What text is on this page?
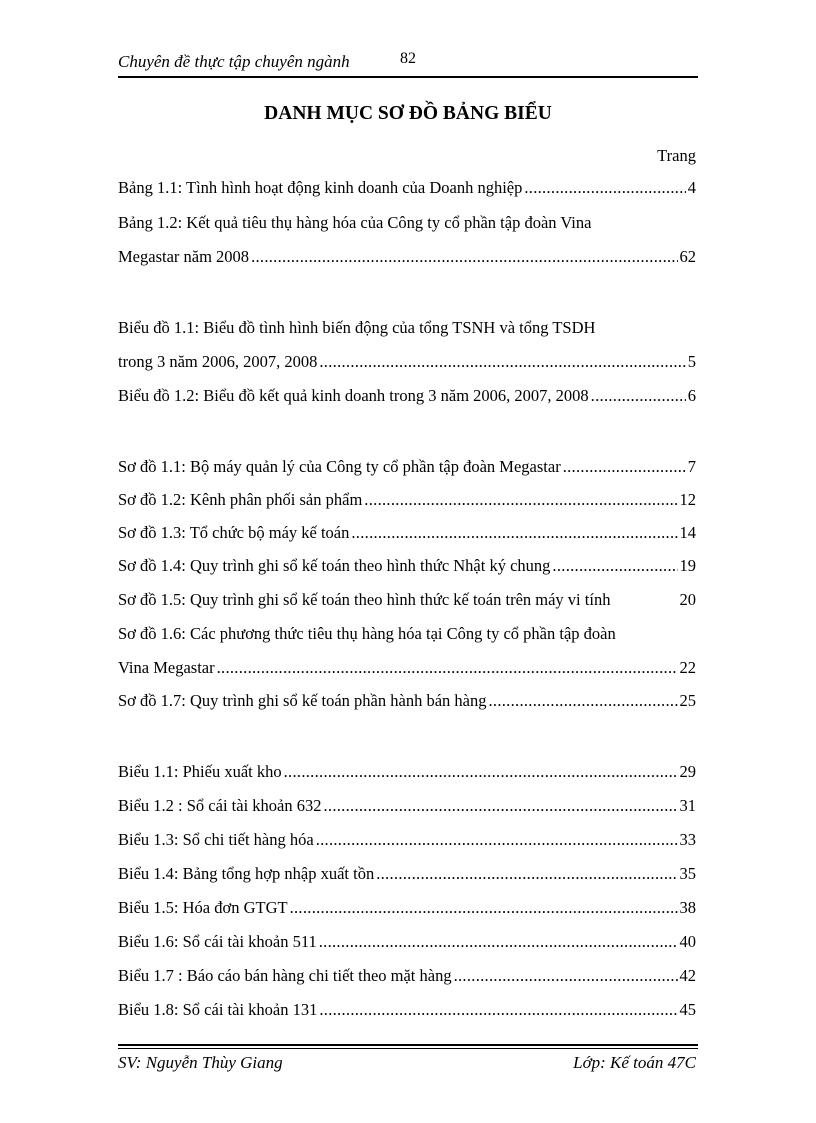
Chuyên đề thực tập chuyên ngành	82
DANH MỤC SƠ ĐỒ BẢNG BIỂU
Trang
Bảng 1.1: Tình hình hoạt động kinh doanh của Doanh nghiệp .....	4
Bảng 1.2: Kết quả tiêu thụ hàng hóa của Công ty cổ phần tập đoàn Vina
Megastar năm 2008 .....	62
Biểu đồ 1.1: Biểu đồ tình hình biến động của tổng TSNH và tổng TSDH
trong 3 năm 2006, 2007, 2008 .....	5
Biểu đồ 1.2: Biểu đồ kết quả kinh doanh trong 3 năm 2006, 2007, 2008 .....	6
Sơ đồ 1.1: Bộ máy quản lý của Công ty cổ phần tập đoàn Megastar .....	7
Sơ đồ 1.2: Kênh phân phối sản phẩm .....	12
Sơ đồ 1.3: Tổ chức bộ máy kế toán .....	14
Sơ đồ 1.4: Quy trình ghi sổ kế toán theo hình thức Nhật ký chung .....	19
Sơ đồ 1.5: Quy trình ghi sổ kế toán theo hình thức kế toán trên máy vi tính	20
Sơ đồ 1.6: Các phương thức tiêu thụ hàng hóa tại Công ty cổ phần tập đoàn
Vina Megastar .....	22
Sơ đồ 1.7: Quy trình ghi sổ kế toán phần hành bán hàng .....	25
Biểu 1.1: Phiếu xuất kho .....	29
Biểu 1.2 : Sổ cái tài khoản 632 .....	31
Biểu 1.3: Sổ chi tiết hàng hóa .....	33
Biểu 1.4: Bảng tổng hợp nhập xuất tồn .....	35
Biểu 1.5: Hóa đơn GTGT .....	38
Biểu 1.6: Sổ cái tài khoản 511 .....	40
Biểu 1.7 : Báo cáo bán hàng chi tiết theo mặt hàng .....	42
Biểu 1.8: Sổ cái tài khoản 131 .....	45
SV: Nguyễn Thùy Giang	Lớp: Kế toán 47C
